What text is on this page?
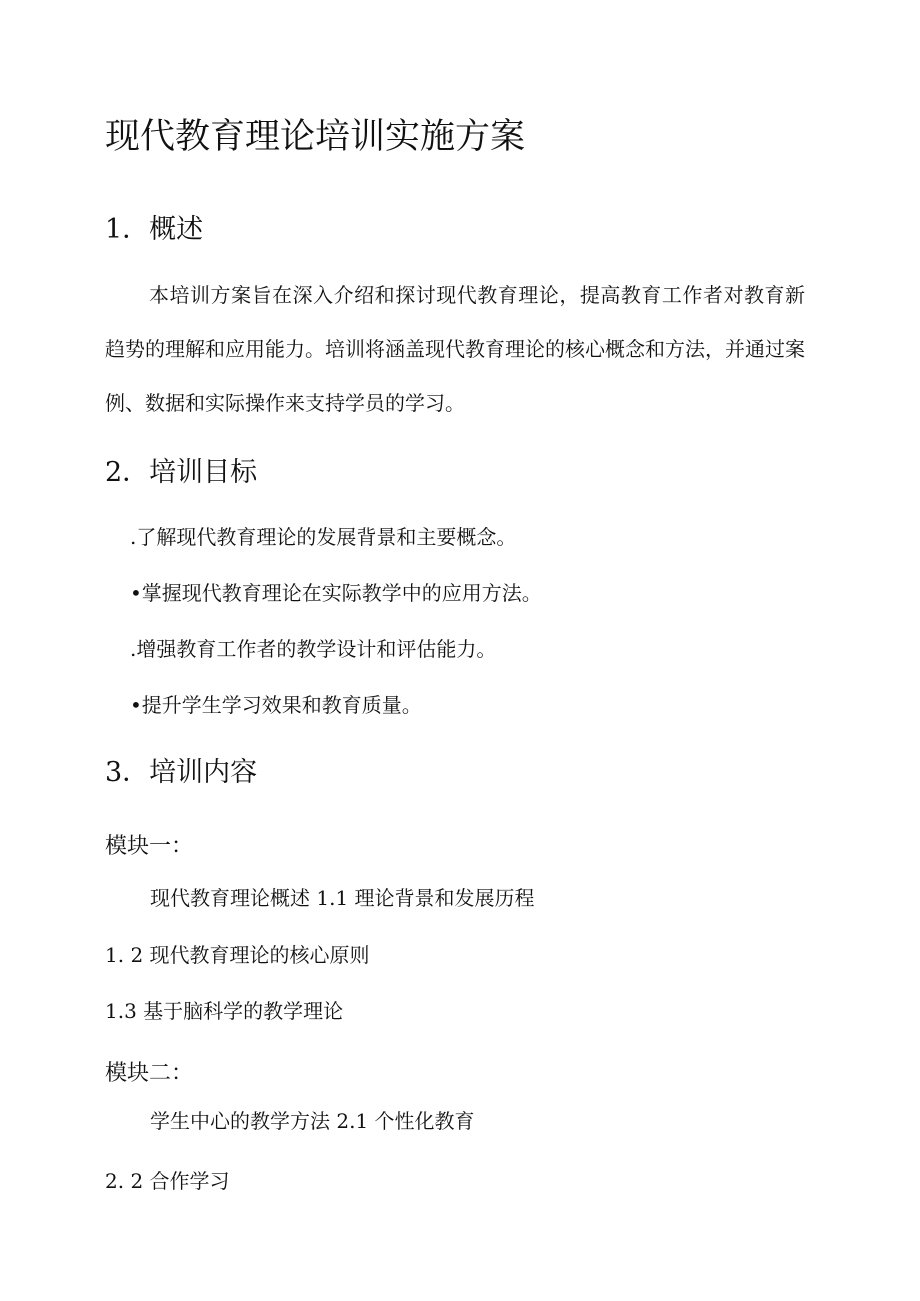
现代教育理论培训实施方案
1．概述

本培训方案旨在深入介绍和探讨现代教育理论，提高教育工作者对教育新趋势的理解和应用能力。培训将涵盖现代教育理论的核心概念和方法，并通过案例、数据和实际操作来支持学员的学习。

2．培训目标

.了解现代教育理论的发展背景和主要概念。

•掌握现代教育理论在实际教学中的应用方法。

.增强教育工作者的教学设计和评估能力。

•提升学生学习效果和教育质量。

3．培训内容

模块一：

现代教育理论概述 1.1 理论背景和发展历程

1. 2 现代教育理论的核心原则

1.3 基于脑科学的教学理论

模块二：

学生中心的教学方法 2.1 个性化教育

2. 2 合作学习
